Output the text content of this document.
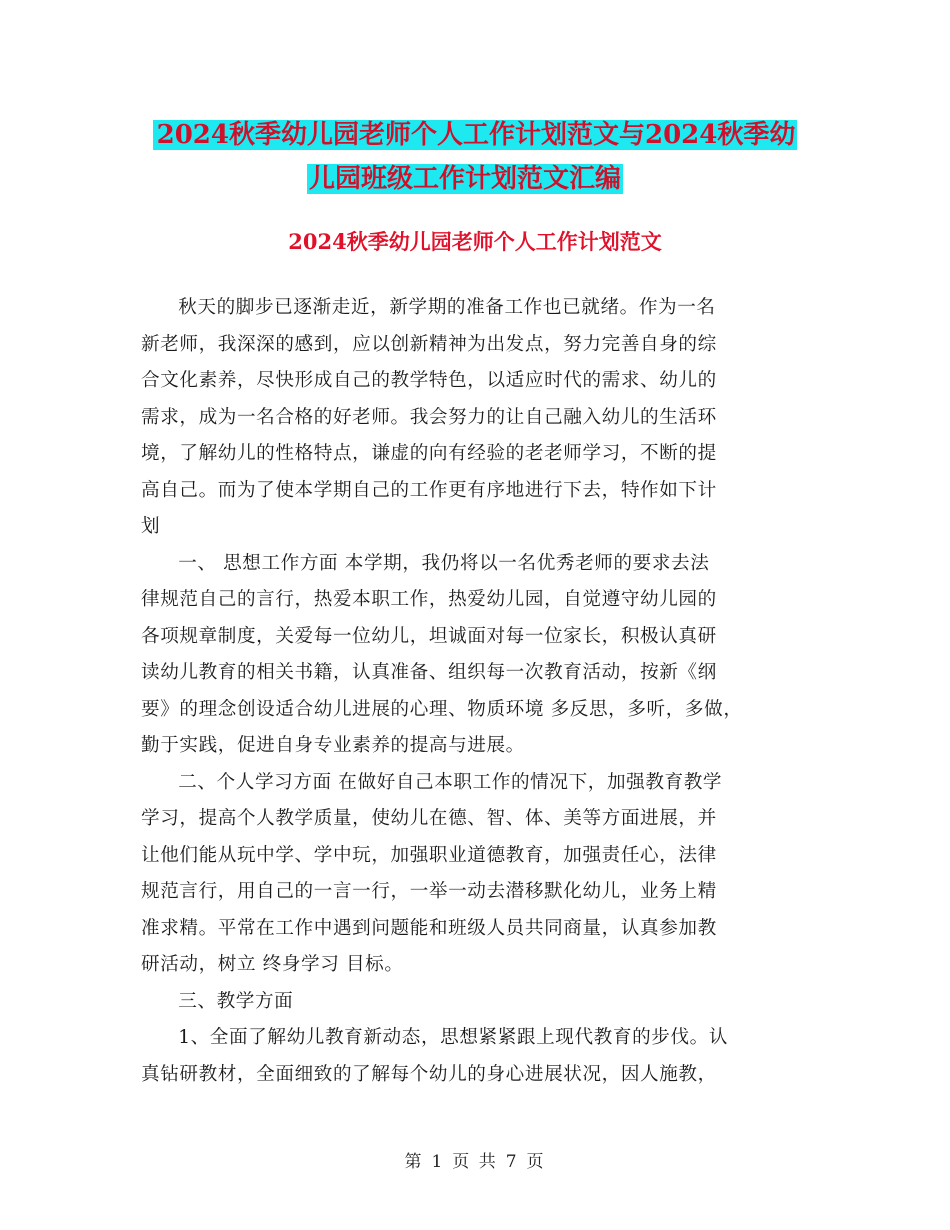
2024秋季幼儿园老师个人工作计划范文与2024秋季幼
儿园班级工作计划范文汇编
2024秋季幼儿园老师个人工作计划范文
秋天的脚步已逐渐走近，新学期的准备工作也已就绪。作为一名
新老师，我深深的感到，应以创新精神为出发点，努力完善自身的综
合文化素养，尽快形成自己的教学特色，以适应时代的需求、幼儿的
需求，成为一名合格的好老师。我会努力的让自己融入幼儿的生活环
境，了解幼儿的性格特点，谦虚的向有经验的老老师学习，不断的提
高自己。而为了使本学期自己的工作更有序地进行下去，特作如下计
划
一、 思想工作方面 本学期，我仍将以一名优秀老师的要求去法
律规范自己的言行，热爱本职工作，热爱幼儿园，自觉遵守幼儿园的
各项规章制度，关爱每一位幼儿，坦诚面对每一位家长，积极认真研
读幼儿教育的相关书籍，认真准备、组织每一次教育活动，按新《纲
要》的理念创设适合幼儿进展的心理、物质环境 多反思，多听，多做，
勤于实践，促进自身专业素养的提高与进展。
二、个人学习方面 在做好自己本职工作的情况下，加强教育教学
学习，提高个人教学质量，使幼儿在德、智、体、美等方面进展，并
让他们能从玩中学、学中玩，加强职业道德教育，加强责任心，法律
规范言行，用自己的一言一行，一举一动去潜移默化幼儿，业务上精
准求精。平常在工作中遇到问题能和班级人员共同商量，认真参加教
研活动，树立 终身学习 目标。
三、教学方面
1、全面了解幼儿教育新动态，思想紧紧跟上现代教育的步伐。认
真钻研教材，全面细致的了解每个幼儿的身心进展状况，因人施教，
第 1 页 共 7 页
